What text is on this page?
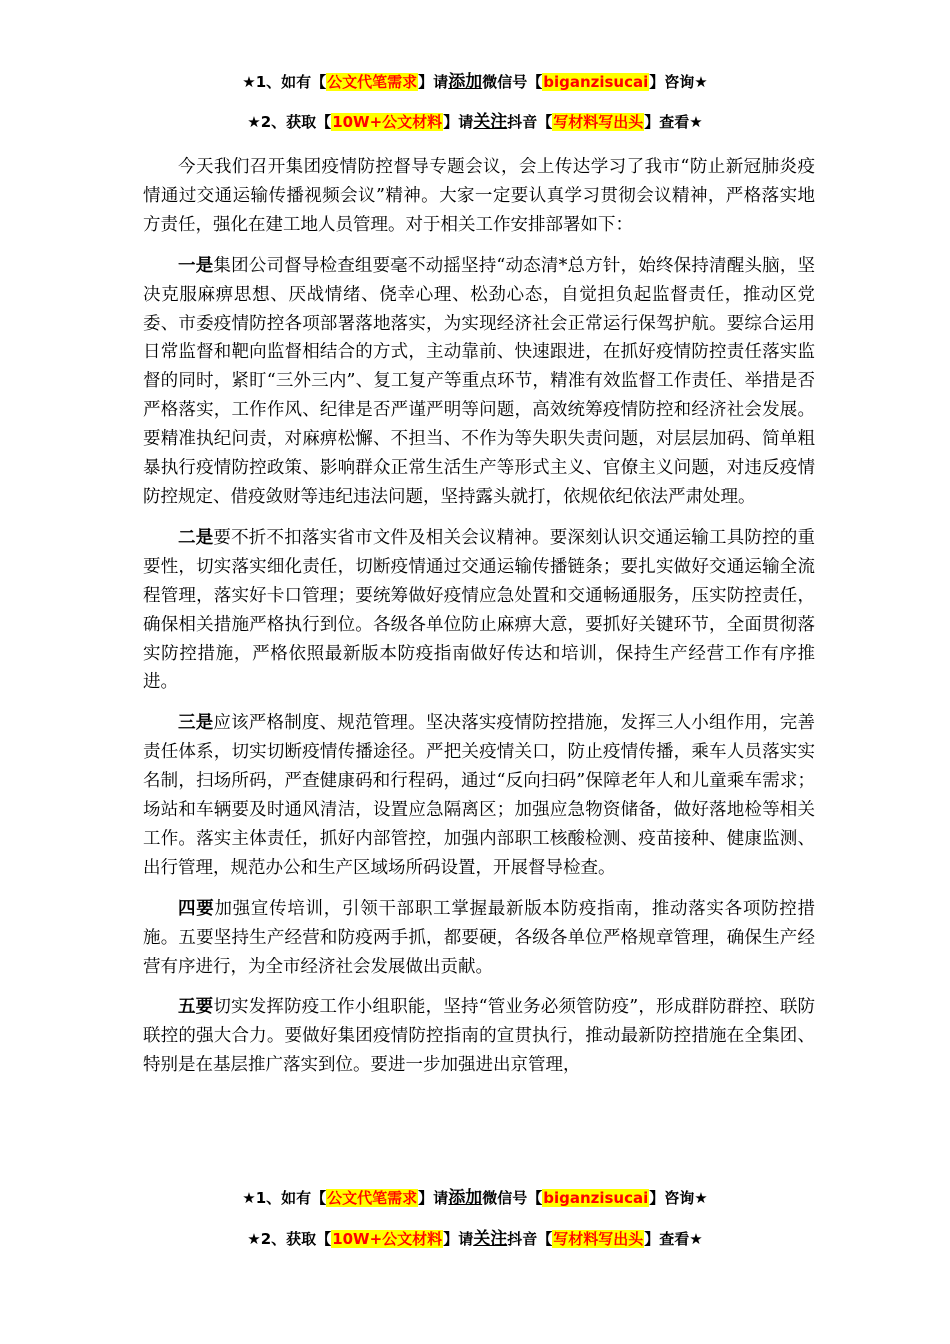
★1、如有【公文代笔需求】请添加微信号【biganzisucai】咨询★
★2、获取【10W+公文材料】请关注抖音【写材料写出头】查看★

今天我们召开集团疫情防控督导专题会议，会上传达学习了我市“防止新冠肺炎疫情通过交通运输传播视频会议”精神。大家一定要认真学习贯彻会议精神，严格落实地方责任，强化在建工地人员管理。对于相关工作安排部署如下：

一是集团公司督导检查组要毫不动摇坚持“动态清*总方针，始终保持清醒头脑，坚决克服麻痹思想、厌战情绪、侥幸心理、松劲心态，自觉担负起监督责任，推动区党委、市委疫情防控各项部署落地落实，为实现经济社会正常运行保驾护航。要综合运用日常监督和靶向监督相结合的方式，主动靠前、快速跟进，在抓好疫情防控责任落实监督的同时，紧盯“三外三内”、复工复产等重点环节，精准有效监督工作责任、举措是否严格落实，工作作风、纪律是否严谨严明等问题，高效统筹疫情防控和经济社会发展。要精准执纪问责，对麻痹松懈、不担当、不作为等失职失责问题，对层层加码、简单粗暴执行疫情防控政策、影响群众正常生活生产等形式主义、官僚主义问题，对违反疫情防控规定、借疫敛财等违纪违法问题，坚持露头就打，依规依纪依法严肃处理。

二是要不折不扣落实省市文件及相关会议精神。要深刻认识交通运输工具防控的重要性，切实落实细化责任，切断疫情通过交通运输传播链条；要扎实做好交通运输全流程管理，落实好卡口管理；要统筹做好疫情应急处置和交通畅通服务，压实防控责任，确保相关措施严格执行到位。各级各单位防止麻痹大意，要抓好关键环节，全面贯彻落实防控措施，严格依照最新版本防疫指南做好传达和培训，保持生产经营工作有序推进。

三是应该严格制度、规范管理。坚决落实疫情防控措施，发挥三人小组作用，完善责任体系，切实切断疫情传播途径。严把关疫情关口，防止疫情传播，乘车人员落实实名制，扫场所码，严查健康码和行程码，通过“反向扫码”保障老年人和儿童乘车需求；场站和车辆要及时通风清洁，设置应急隔离区；加强应急物资储备，做好落地检等相关工作。落实主体责任，抓好内部管控，加强内部职工核酸检测、疫苗接种、健康监测、出行管理，规范办公和生产区域场所码设置，开展督导检查。

四要加强宣传培训，引领干部职工掌握最新版本防疫指南，推动落实各项防控措施。五要坚持生产经营和防疫两手抓，都要硬，各级各单位严格规章管理，确保生产经营有序进行，为全市经济社会发展做出贡献。

五要切实发挥防疫工作小组职能，坚持“管业务必须管防疫”，形成群防群控、联防联控的强大合力。要做好集团疫情防控指南的宣贯执行，推动最新防控措施在全集团、特别是在基层推广落实到位。要进一步加强进出京管理，

★1、如有【公文代笔需求】请添加微信号【biganzisucai】咨询★
★2、获取【10W+公文材料】请关注抖音【写材料写出头】查看★
